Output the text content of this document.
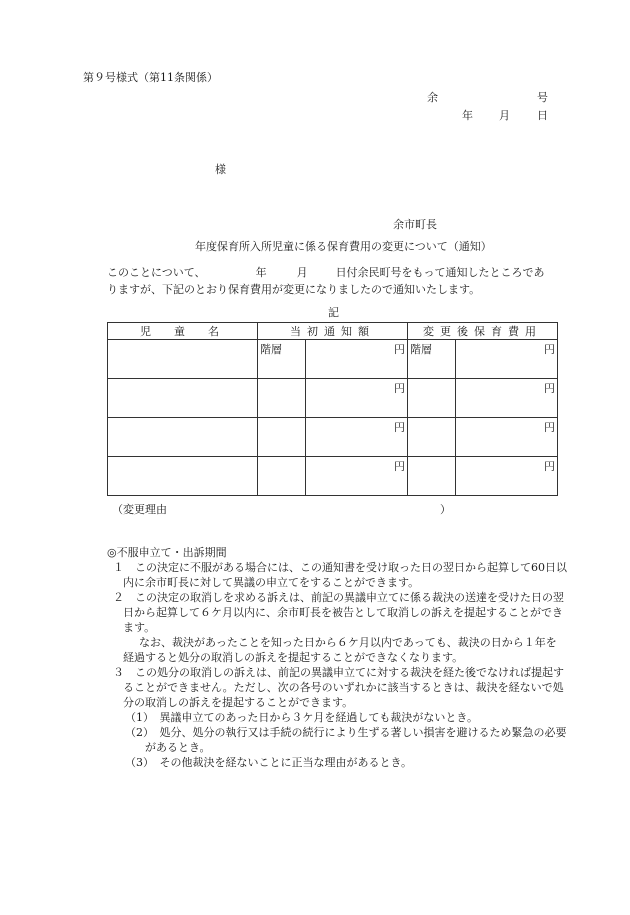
第９号様式（第11条関係）
余	号
年 月 日
様
余市町長
年度保育所入所児童に係る保育費用の変更について（通知）
このことについて、	年	月	日付余民町号をもって通知したところであ
りますが、下記のとおり保育費用が変更になりましたので通知いたします。
記
児　童　名	当初通知額		変更後保育費用	

	階層	円	階層	円

		円		円

		円		円

		円		円
（変更理由	）
◎不服申立て・出訴期間
１　この決定に不服がある場合には、この通知書を受け取った日の翌日から起算して60日以内に余市町長に対して異議の申立てをすることができます。
２　この決定の取消しを求める訴えは、前記の異議申立てに係る裁決の送達を受けた日の翌日から起算して６ケ月以内に、余市町長を被告として取消しの訴えを提起することができます。
なお、裁決があったことを知った日から６ケ月以内であっても、裁決の日から１年を経過すると処分の取消しの訴えを提起することができなくなります。
３　この処分の取消しの訴えは、前記の異議申立てに対する裁決を経た後でなければ提起することができません。ただし、次の各号のいずれかに該当するときは、裁決を経ないで処分の取消しの訴えを提起することができます。
（1）　異議申立てのあった日から３ケ月を経過しても裁決がないとき。
（2）　処分、処分の執行又は手続の続行により生ずる著しい損害を避けるため緊急の必要があるとき。
（3）　その他裁決を経ないことに正当な理由があるとき。
